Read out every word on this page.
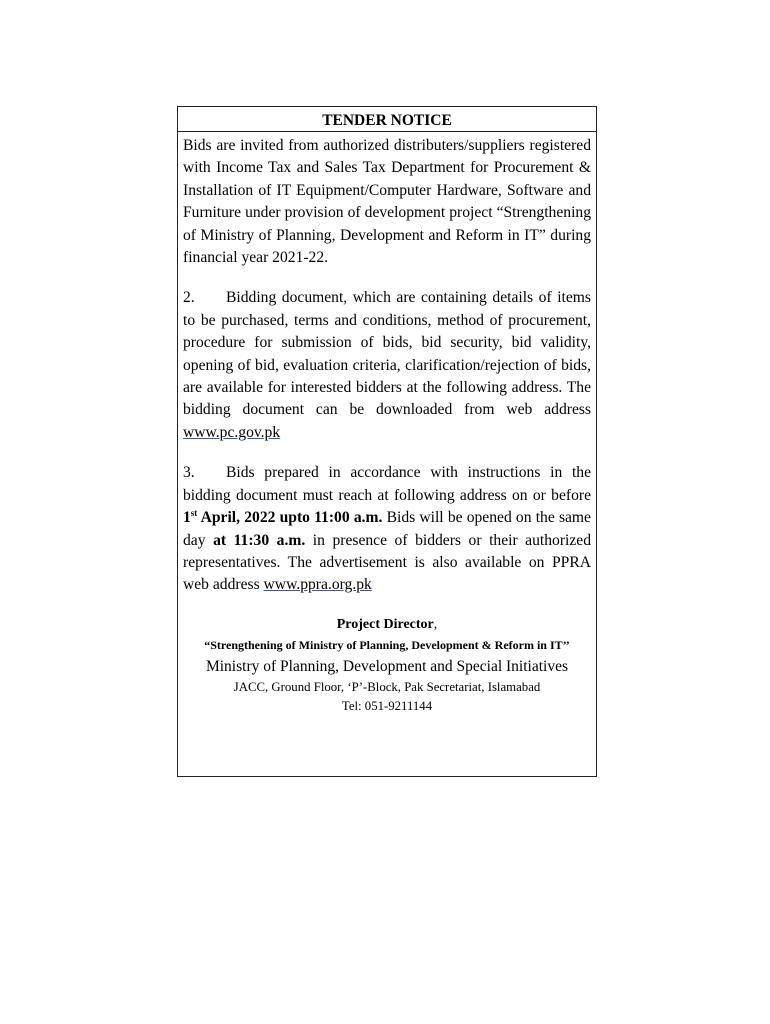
TENDER NOTICE

Bids are invited from authorized distributers/suppliers registered with Income Tax and Sales Tax Department for Procurement & Installation of IT Equipment/Computer Hardware, Software and Furniture under provision of development project “Strengthening of Ministry of Planning, Development and Reform in IT” during financial year 2021-22.

2. Bidding document, which are containing details of items to be purchased, terms and conditions, method of procurement, procedure for submission of bids, bid security, bid validity, opening of bid, evaluation criteria, clarification/rejection of bids, are available for interested bidders at the following address. The bidding document can be downloaded from web address www.pc.gov.pk

3. Bids prepared in accordance with instructions in the bidding document must reach at following address on or before 1st April, 2022 upto 11:00 a.m. Bids will be opened on the same day at 11:30 a.m. in presence of bidders or their authorized representatives. The advertisement is also available on PPRA web address www.ppra.org.pk

Project Director,
“Strengthening of Ministry of Planning, Development & Reform in IT’’
Ministry of Planning, Development and Special Initiatives
JACC, Ground Floor, ‘P’-Block, Pak Secretariat, Islamabad
Tel: 051-9211144
